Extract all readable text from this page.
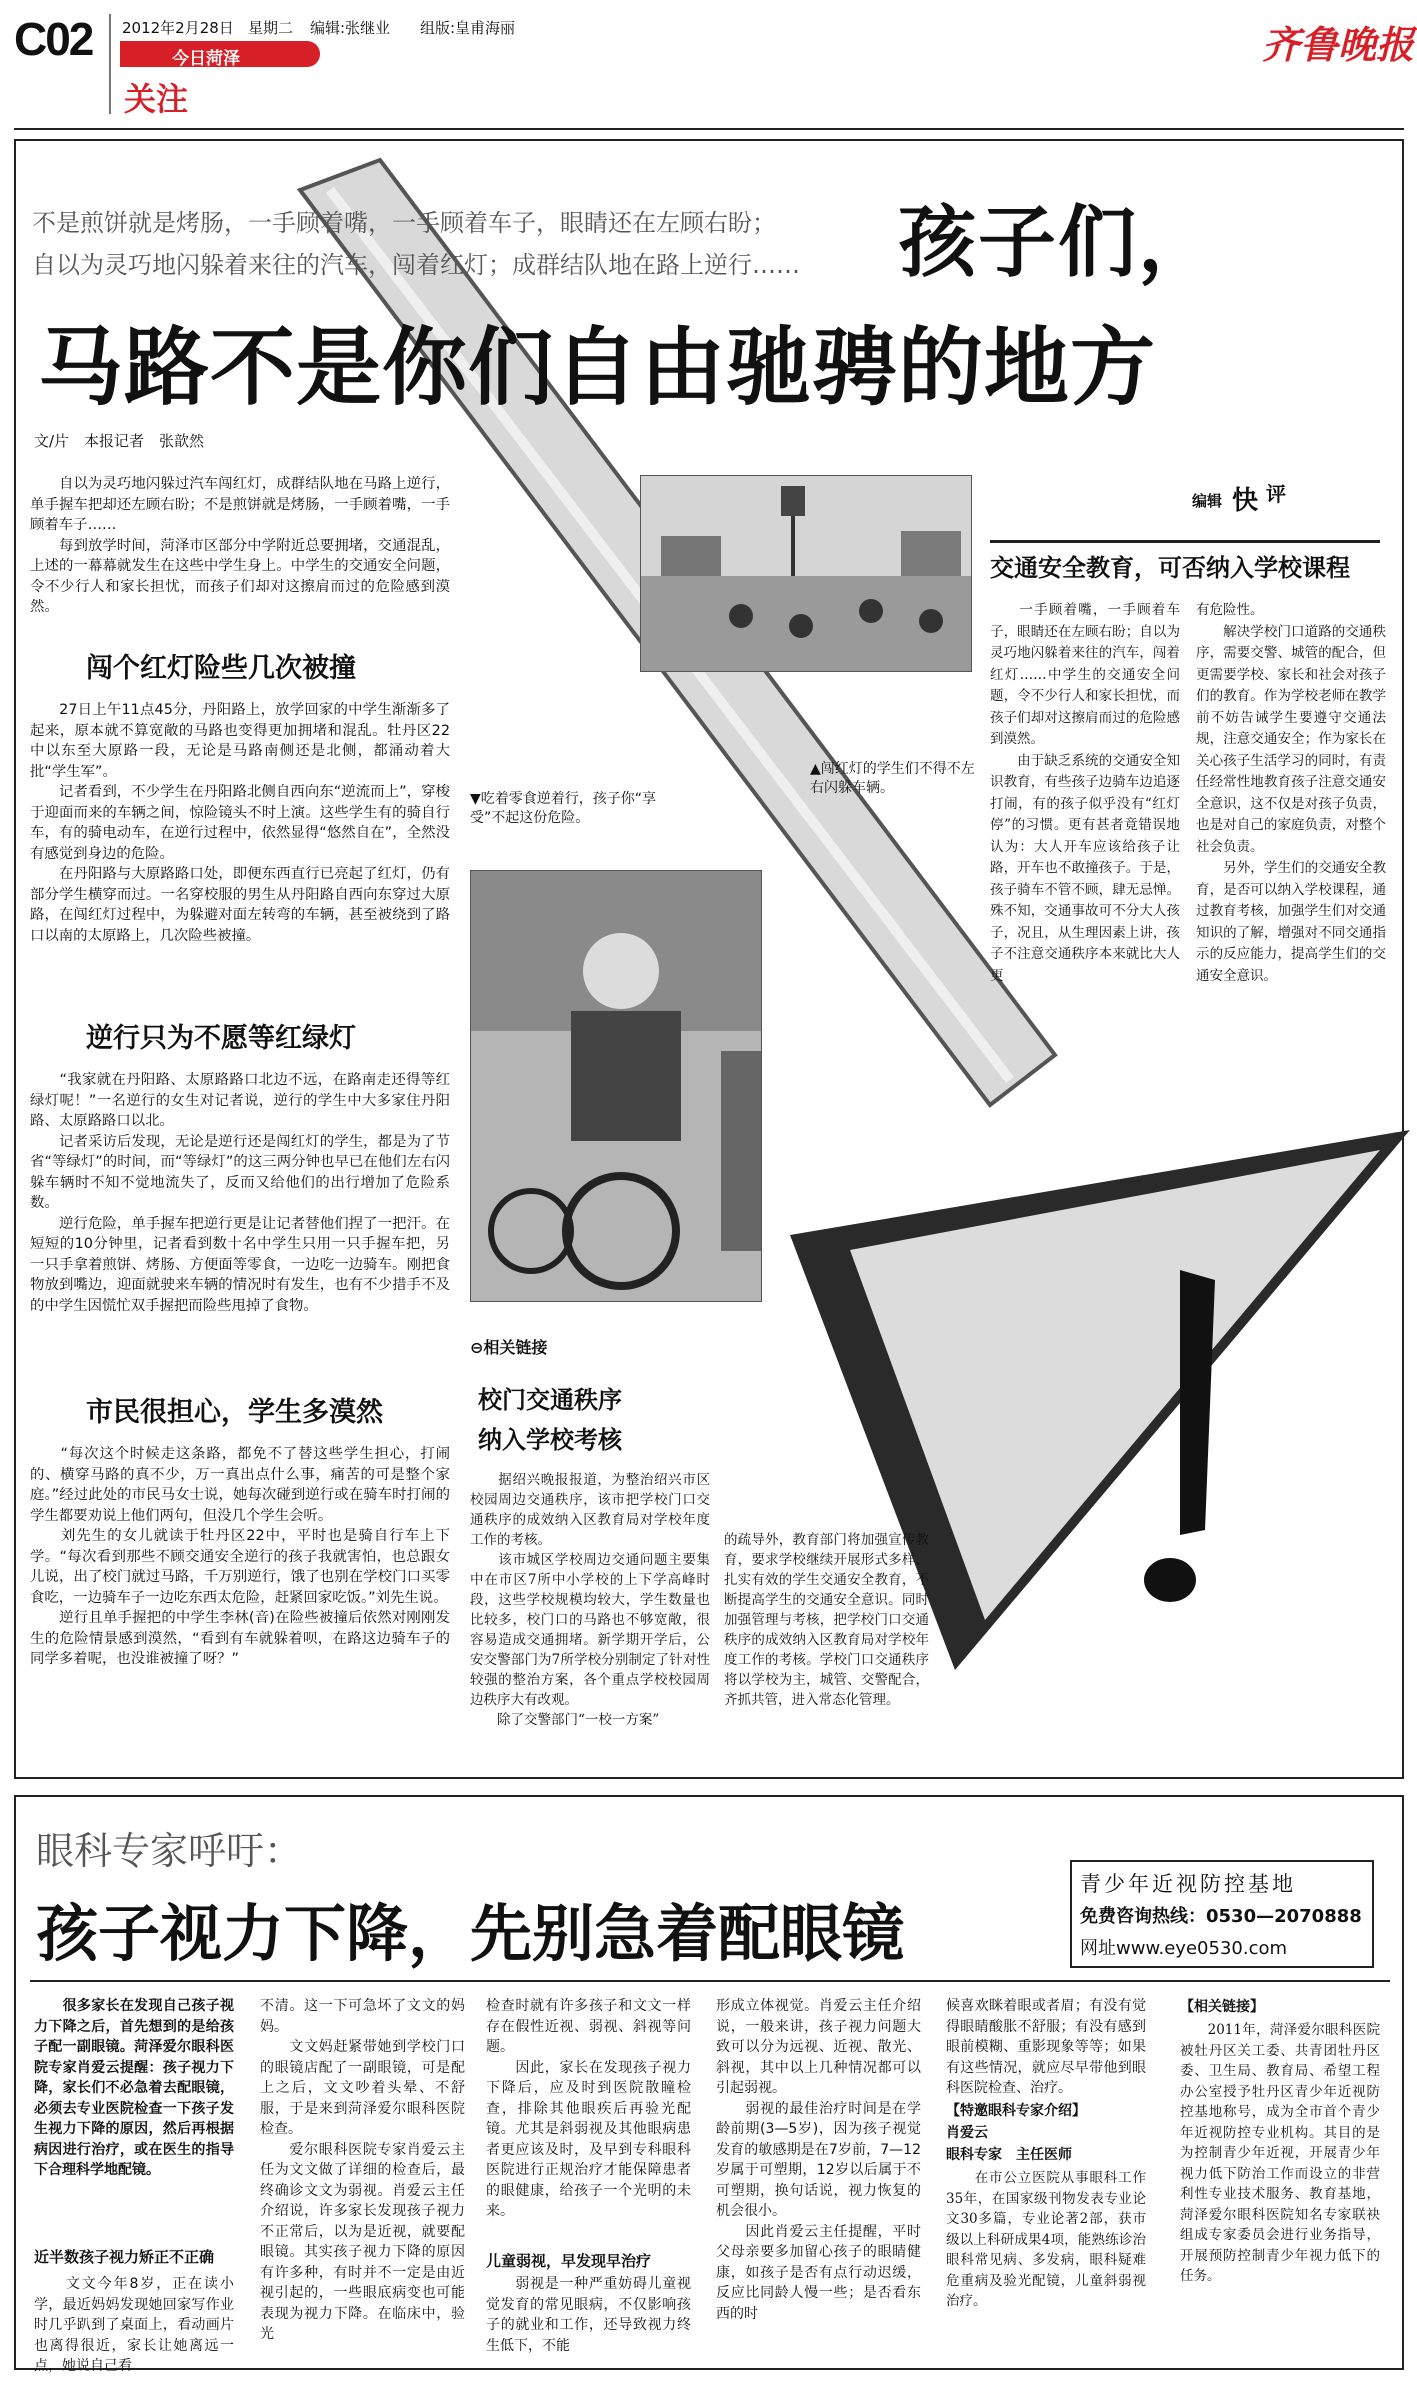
C02 2012年2月28日 星期二 编辑:张继业 组版:皇甫海丽
今日菏泽
关注
齐鲁晚报
不是煎饼就是烤肠，一手顾着嘴，一手顾着车子，眼睛还在左顾右盼；
自以为灵巧地闪躲着来往的汽车，闯着红灯；成群结队地在路上逆行…… 孩子们，
马路不是你们自由驰骋的地方
文/片　本报记者　张歆然
　　自以为灵巧地闪躲过汽车闯红灯，成群结队地在马路上逆行，单手握车把却还左顾右盼；不是煎饼就是烤肠，一手顾着嘴，一手顾着车子……
　　每到放学时间，菏泽市区部分中学附近总要拥堵，交通混乱，上述的一幕幕就发生在这些中学生身上。中学生的交通安全问题，令不少行人和家长担忧，而孩子们却对这擦肩而过的危险感到漠然。
闯个红灯险些几次被撞
　　27日上午11点45分，丹阳路上，放学回家的中学生渐渐多了起来，原本就不算宽敞的马路也变得更加拥堵和混乱。牡丹区22中以东至大原路一段，无论是马路南侧还是北侧，都涌动着大批“学生军”。
　　记者看到，不少学生在丹阳路北侧自西向东“逆流而上”，穿梭于迎面而来的车辆之间，惊险镜头不时上演。这些学生有的骑自行车，有的骑电动车，在逆行过程中，依然显得“悠然自在”，全然没有感觉到身边的危险。
　　在丹阳路与大原路路口处，即便东西直行已亮起了红灯，仍有部分学生横穿而过。一名穿校服的男生从丹阳路自西向东穿过大原路，在闯红灯过程中，为躲避对面左转弯的车辆，甚至被绕到了路口以南的太原路上，几次险些被撞。
逆行只为不愿等红绿灯
　　“我家就在丹阳路、太原路路口北边不远，在路南走还得等红绿灯呢！”一名逆行的女生对记者说，逆行的学生中大多家住丹阳路、太原路路口以北。
　　记者采访后发现，无论是逆行还是闯红灯的学生，都是为了节省“等绿灯”的时间，而“等绿灯”的这三两分钟也早已在他们左右闪躲车辆时不知不觉地流失了，反而又给他们的出行增加了危险系数。
　　逆行危险，单手握车把逆行更是让记者替他们捏了一把汗。在短短的10分钟里，记者看到数十名中学生只用一只手握车把，另一只手拿着煎饼、烤肠、方便面等零食，一边吃一边骑车。刚把食物放到嘴边，迎面就驶来车辆的情况时有发生，也有不少措手不及的中学生因慌忙双手握把而险些甩掉了食物。
市民很担心，学生多漠然
　　“每次这个时候走这条路，都免不了替这些学生担心，打闹的、横穿马路的真不少，万一真出点什么事，痛苦的可是整个家庭。”经过此处的市民马女士说，她每次碰到逆行或在骑车时打闹的学生都要劝说上他们两句，但没几个学生会听。
　　刘先生的女儿就读于牡丹区22中，平时也是骑自行车上下学。“每次看到那些不顾交通安全逆行的孩子我就害怕，也总跟女儿说，出了校门就过马路，千万别逆行，饿了也别在学校门口买零食吃，一边骑车子一边吃东西太危险，赶紧回家吃饭。”刘先生说。
　　逆行且单手握把的中学生李林(音)在险些被撞后依然对刚刚发生的危险情景感到漠然，“看到有车就躲着呗，在路这边骑车子的同学多着呢，也没谁被撞了呀？”
▲闯红灯的学生们不得不左右闪躲车辆。
▼吃着零食逆着行，孩子你“享受”不起这份危险。
⊖相关链接
校门交通秩序
纳入学校考核
　　据绍兴晚报报道，为整治绍兴市区校园周边交通秩序，该市把学校门口交通秩序的成效纳入区教育局对学校年度工作的考核。
　　该市城区学校周边交通问题主要集中在市区7所中小学校的上下学高峰时段，这些学校规模均较大，学生数量也比较多，校门口的马路也不够宽敞，很容易造成交通拥堵。新学期开学后，公安交警部门为7所学校分别制定了针对性较强的整治方案，各个重点学校校园周边秩序大有改观。
　　除了交警部门“一校一方案”
的疏导外，教育部门将加强宣传教育，要求学校继续开展形式多样、扎实有效的学生交通安全教育，不断提高学生的交通安全意识。同时加强管理与考核，把学校门口交通秩序的成效纳入区教育局对学校年度工作的考核。学校门口交通秩序将以学校为主，城管、交警配合，齐抓共管，进入常态化管理。
编辑 快 评
交通安全教育，可否纳入学校课程
　　一手顾着嘴，一手顾着车子，眼睛还在左顾右盼；自以为灵巧地闪躲着来往的汽车，闯着红灯……中学生的交通安全问题，令不少行人和家长担忧，而孩子们却对这擦肩而过的危险感到漠然。
　　由于缺乏系统的交通安全知识教育，有些孩子边骑车边追逐打闹，有的孩子似乎没有“红灯停”的习惯。更有甚者竟错误地认为：大人开车应该给孩子让路，开车也不敢撞孩子。于是，孩子骑车不管不顾，肆无忌惮。殊不知，交通事故可不分大人孩子，况且，从生理因素上讲，孩子不注意交通秩序本来就比大人更
有危险性。
　　解决学校门口道路的交通秩序，需要交警、城管的配合，但更需要学校、家长和社会对孩子们的教育。作为学校老师在教学前不妨告诫学生要遵守交通法规，注意交通安全；作为家长在关心孩子生活学习的同时，有责任经常性地教育孩子注意交通安全意识，这不仅是对孩子负责，也是对自己的家庭负责，对整个社会负责。
　　另外，学生们的交通安全教育，是否可以纳入学校课程，通过教育考核，加强学生们对交通知识的了解，增强对不同交通指示的反应能力，提高学生们的交通安全意识。
眼科专家呼吁：
孩子视力下降，先别急着配眼镜
青少年近视防控基地
免费咨询热线：0530—2070888
网址www.eye0530.com
　　很多家长在发现自己孩子视力下降之后，首先想到的是给孩子配一副眼镜。菏泽爱尔眼科医院专家肖爱云提醒：孩子视力下降，家长们不必急着去配眼镜，必须去专业医院检查一下孩子发生视力下降的原因，然后再根据病因进行治疗，或在医生的指导下合理科学地配镜。
近半数孩子视力矫正不正确
　　文文今年8岁，正在读小学，最近妈妈发现她回家写作业时几乎趴到了桌面上，看动画片也离得很近，家长让她离远一点，她说自己看
不清。这一下可急坏了文文的妈妈。
　　文文妈赶紧带她到学校门口的眼镜店配了一副眼镜，可是配上之后，文文吵着头晕、不舒服，于是来到菏泽爱尔眼科医院检查。
　　爱尔眼科医院专家肖爱云主任为文文做了详细的检查后，最终确诊文文为弱视。肖爱云主任介绍说，许多家长发现孩子视力不正常后，以为是近视，就要配眼镜。其实孩子视力下降的原因有许多种，有时并不一定是由近视引起的，一些眼底病变也可能表现为视力下降。在临床中，验光
检查时就有许多孩子和文文一样存在假性近视、弱视、斜视等问题。
　　因此，家长在发现孩子视力下降后，应及时到医院散瞳检查，排除其他眼疾后再验光配镜。尤其是斜弱视及其他眼病患者更应该及时，及早到专科眼科医院进行正规治疗才能保障患者的眼健康，给孩子一个光明的未来。
儿童弱视，早发现早治疗
　　弱视是一种严重妨碍儿童视觉发育的常见眼病，不仅影响孩子的就业和工作，还导致视力终生低下，不能
形成立体视觉。肖爱云主任介绍说，一般来讲，孩子视力问题大致可以分为远视、近视、散光、斜视，其中以上几种情况都可以引起弱视。
　　弱视的最佳治疗时间是在学龄前期(3—5岁)，因为孩子视觉发育的敏感期是在7岁前，7—12岁属于可塑期，12岁以后属于不可塑期，换句话说，视力恢复的机会很小。
　　因此肖爱云主任提醒，平时父母亲要多加留心孩子的眼睛健康，如孩子是否有点行动迟缓，反应比同龄人慢一些；是否看东西的时
候喜欢眯着眼或者眉；有没有觉得眼睛酸胀不舒服；有没有感到眼前模糊、重影现象等等；如果有这些情况，就应尽早带他到眼科医院检查、治疗。
【特邀眼科专家介绍】
肖爱云
眼科专家　主任医师
　　在市公立医院从事眼科工作35年，在国家级刊物发表专业论文30多篇，专业论著2部，获市级以上科研成果4项，能熟练诊治眼科常见病、多发病，眼科疑难危重病及验光配镜，儿童斜弱视治疗。
【相关链接】
　　2011年，菏泽爱尔眼科医院被牡丹区关工委、共青团牡丹区委、卫生局、教育局、希望工程办公室授予牡丹区青少年近视防控基地称号，成为全市首个青少年近视防控专业机构。其目的是为控制青少年近视，开展青少年视力低下防治工作而设立的非营利性专业技术服务、教育基地，菏泽爱尔眼科医院知名专家联袂组成专家委员会进行业务指导，开展预防控制青少年视力低下的任务。
